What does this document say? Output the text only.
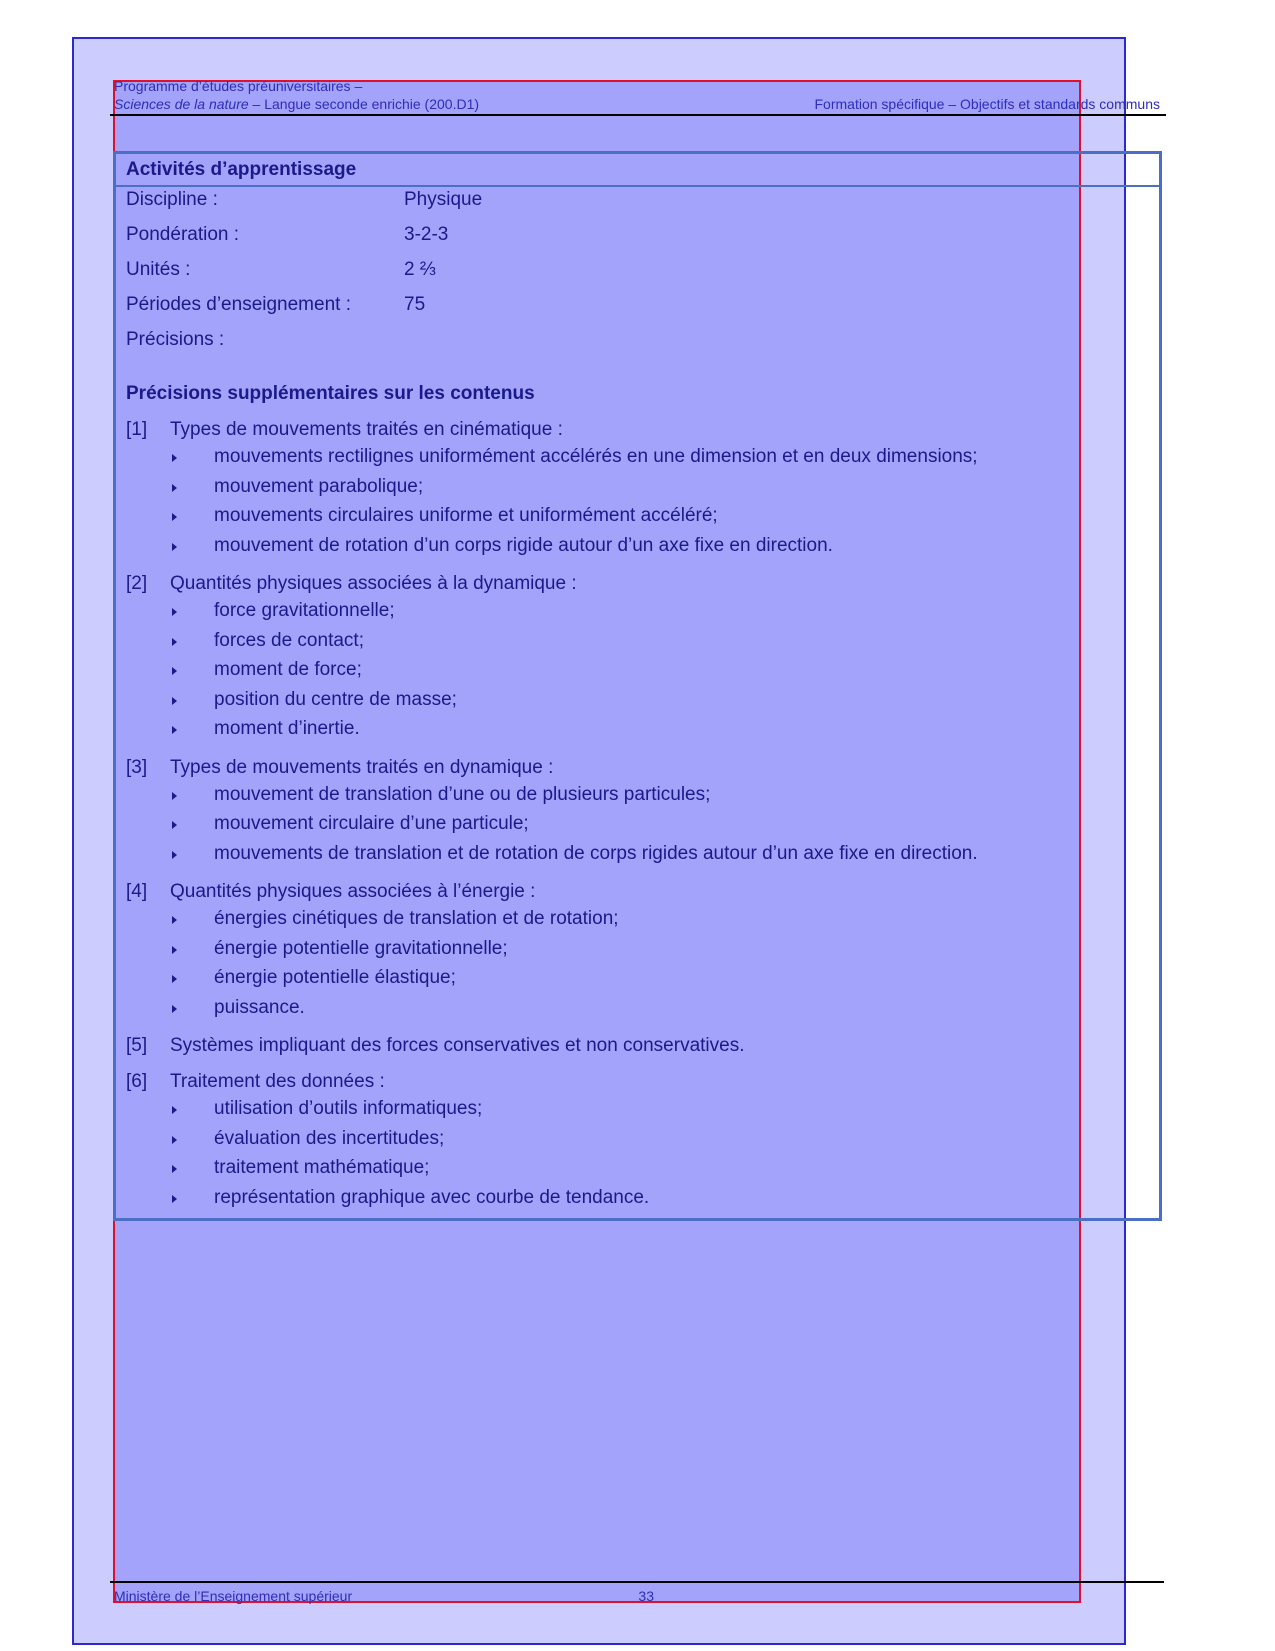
Programme d’études préuniversitaires –
Sciences de la nature – Langue seconde enrichie (200.D1)	Formation spécifique – Objectifs et standards communs
Activités d’apprentissage
Discipline :	Physique
Pondération :	3-2-3
Unités :	2 ⅔
Périodes d’enseignement :	75
Précisions :
Précisions supplémentaires sur les contenus
[1]	Types de mouvements traités en cinématique :
mouvements rectilignes uniformément accélérés en une dimension et en deux dimensions;
mouvement parabolique;
mouvements circulaires uniforme et uniformément accéléré;
mouvement de rotation d’un corps rigide autour d’un axe fixe en direction.
[2]	Quantités physiques associées à la dynamique :
force gravitationnelle;
forces de contact;
moment de force;
position du centre de masse;
moment d’inertie.
[3]	Types de mouvements traités en dynamique :
mouvement de translation d’une ou de plusieurs particules;
mouvement circulaire d’une particule;
mouvements de translation et de rotation de corps rigides autour d’un axe fixe en direction.
[4]	Quantités physiques associées à l’énergie :
énergies cinétiques de translation et de rotation;
énergie potentielle gravitationnelle;
énergie potentielle élastique;
puissance.
[5]	Systèmes impliquant des forces conservatives et non conservatives.
[6]	Traitement des données :
utilisation d’outils informatiques;
évaluation des incertitudes;
traitement mathématique;
représentation graphique avec courbe de tendance.
Ministère de l’Enseignement supérieur	33
